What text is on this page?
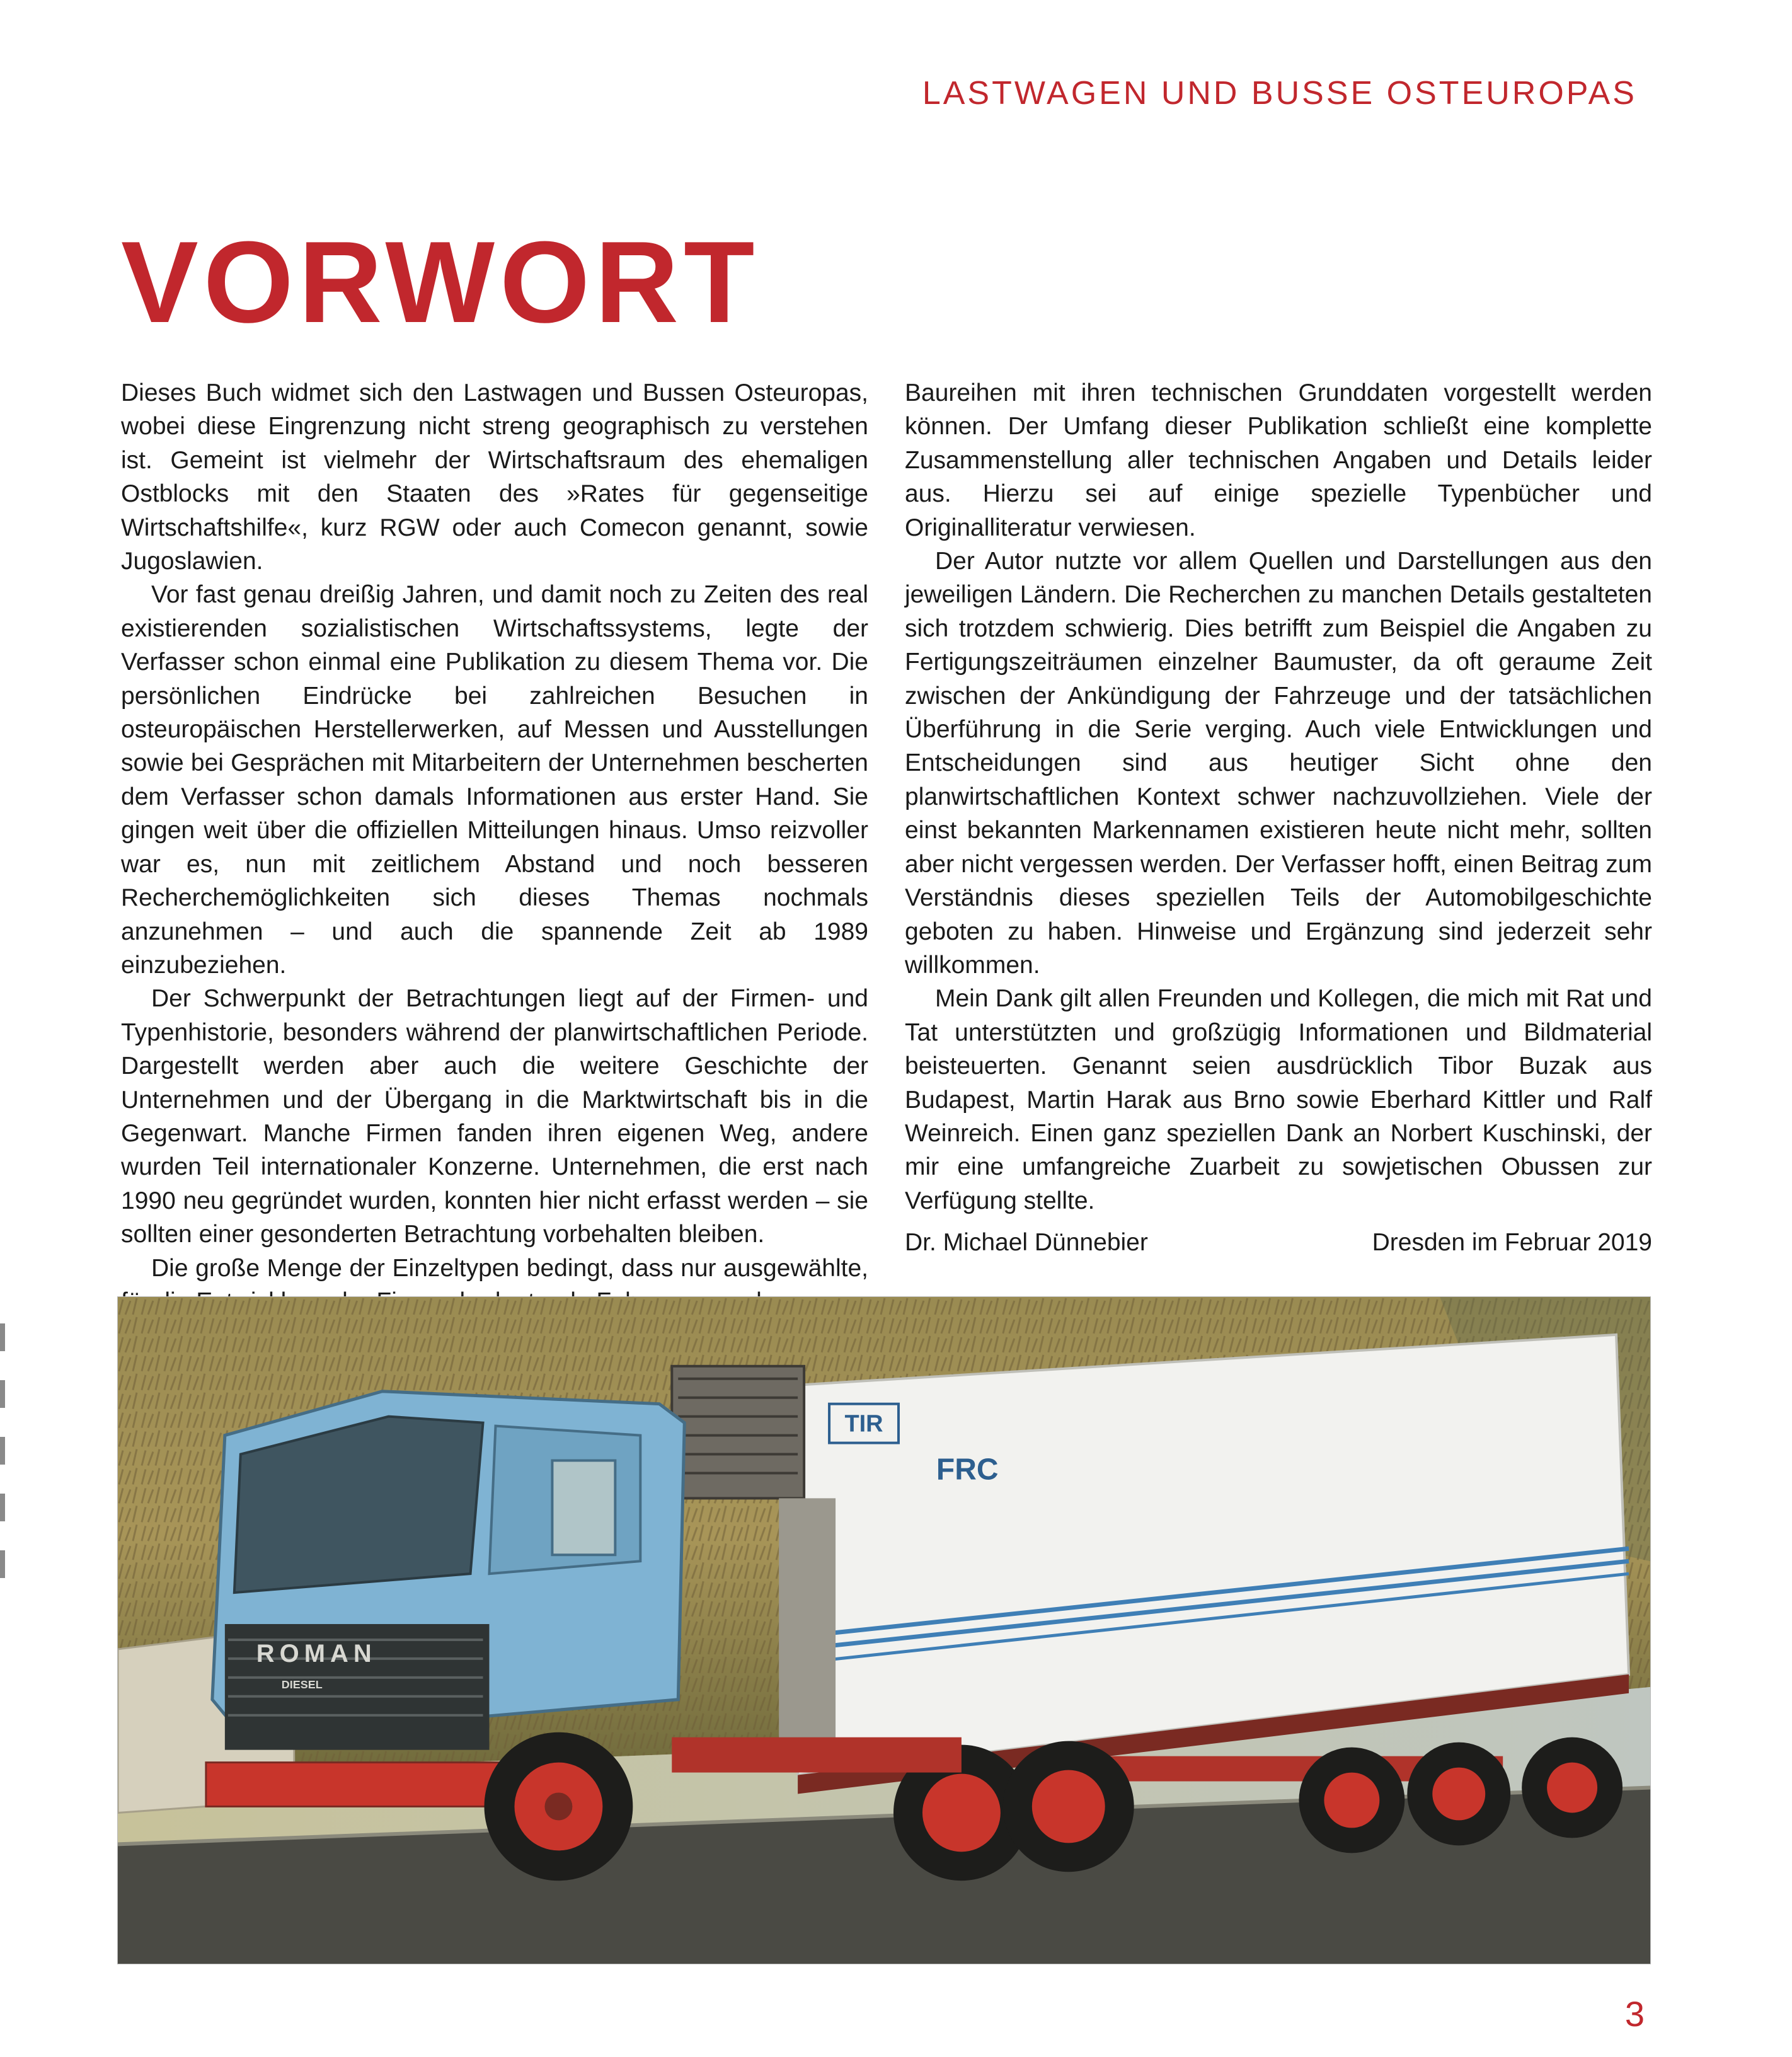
LASTWAGEN UND BUSSE OSTEUROPAS
VORWORT

Dieses Buch widmet sich den Lastwagen und Bussen Osteuropas, wobei diese Eingrenzung nicht streng geographisch zu verstehen ist. Gemeint ist vielmehr der Wirtschaftsraum des ehemaligen Ostblocks mit den Staaten des »Rates für gegenseitige Wirtschaftshilfe«, kurz RGW oder auch Comecon genannt, sowie Jugoslawien.

Vor fast genau dreißig Jahren, und damit noch zu Zeiten des real existierenden sozialistischen Wirtschaftssystems, legte der Verfasser schon einmal eine Publikation zu diesem Thema vor. Die persönlichen Eindrücke bei zahlreichen Besuchen in osteuropäischen Herstellerwerken, auf Messen und Ausstellungen sowie bei Gesprächen mit Mitarbeitern der Unternehmen bescherten dem Verfasser schon damals Informationen aus erster Hand. Sie gingen weit über die offiziellen Mitteilungen hinaus. Umso reizvoller war es, nun mit zeitlichem Abstand und noch besseren Recherchemöglichkeiten sich dieses Themas nochmals anzunehmen – und auch die spannende Zeit ab 1989 einzubeziehen.

Der Schwerpunkt der Betrachtungen liegt auf der Firmen- und Typenhistorie, besonders während der planwirtschaftlichen Periode. Dargestellt werden aber auch die weitere Geschichte der Unternehmen und der Übergang in die Marktwirtschaft bis in die Gegenwart. Manche Firmen fanden ihren eigenen Weg, andere wurden Teil internationaler Konzerne. Unternehmen, die erst nach 1990 neu gegründet wurden, konnten hier nicht erfasst werden – sie sollten einer gesonderten Betrachtung vorbehalten bleiben.

Die große Menge der Einzeltypen bedingt, dass nur ausgewählte,

Baureihen mit ihren technischen Grunddaten vorgestellt werden können. Der Umfang dieser Publikation schließt eine komplette Zusammenstellung aller technischen Angaben und Details leider aus. Hierzu sei auf einige spezielle Typenbücher und Originalliteratur verwiesen.

Der Autor nutzte vor allem Quellen und Darstellungen aus den jeweiligen Ländern. Die Recherchen zu manchen Details gestalteten sich trotzdem schwierig. Dies betrifft zum Beispiel die Angaben zu Fertigungszeiträumen einzelner Baumuster, da oft geraume Zeit zwischen der Ankündigung der Fahrzeuge und der tatsächlichen Überführung in die Serie verging. Auch viele Entwicklungen und Entscheidungen sind aus heutiger Sicht ohne den planwirtschaftlichen Kontext schwer nachzuvollziehen. Viele der einst bekannten Markennamen existieren heute nicht mehr, sollten aber nicht vergessen werden. Der Verfasser hofft, einen Beitrag zum Verständnis dieses speziellen Teils der Automobilgeschichte geboten zu haben. Hinweise und Ergänzung sind jederzeit sehr willkommen.

Mein Dank gilt allen Freunden und Kollegen, die mich mit Rat und Tat unterstützten und großzügig Informationen und Bildmaterial beisteuerten. Genannt seien ausdrücklich Tibor Buzak aus Budapest, Martin Harak aus Brno sowie Eberhard Kittler und Ralf Weinreich. Einen ganz speziellen Dank an Norbert Kuschinski, der mir eine umfangreiche Zuarbeit zu sowjetischen Obussen zur Verfügung stellte.

Dr. Michael Dünnebier	Dresden im Februar 2019
TIR
FRC
ROMAN
DIESEL
3
